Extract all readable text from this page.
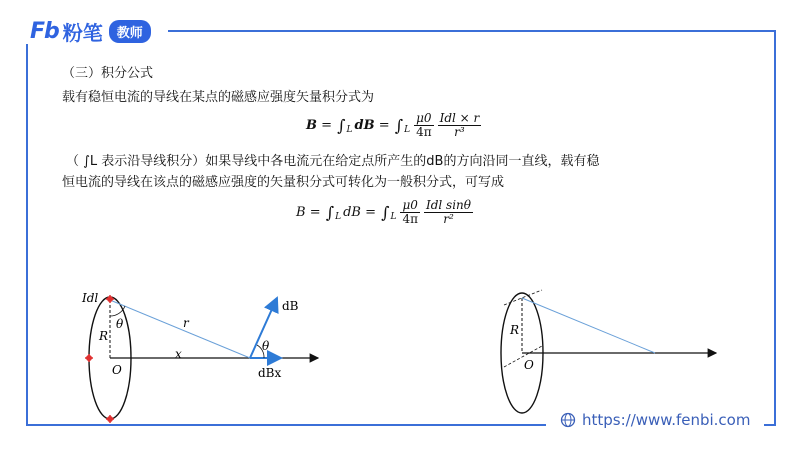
Fb 粉笔	教师
（三）积分公式
载有稳恒电流的导线在某点的磁感应强度矢量积分式为
B = ∫ L dB = ∫ L $\frac{\mu 0}{4\pi} \frac{\text{Idl × r}}{\text{r³}}$
（ ∫L 表示沿导线积分）如果导线中各电流元在给定点所产生的dB的方向沿同一直线，载有稳
恒电流的导线在该点的磁感应强度的矢量积分式可转化为一般积分式，可写成
B = ∫ L dB = ∫ L $\frac{\mu 0}{4\pi} \frac{\text{Idl sinθ}}{\text{r²}}$
Idl
θ
R
r
x
O
dB
θ
dBx
R
O
https://www.fenbi.com
